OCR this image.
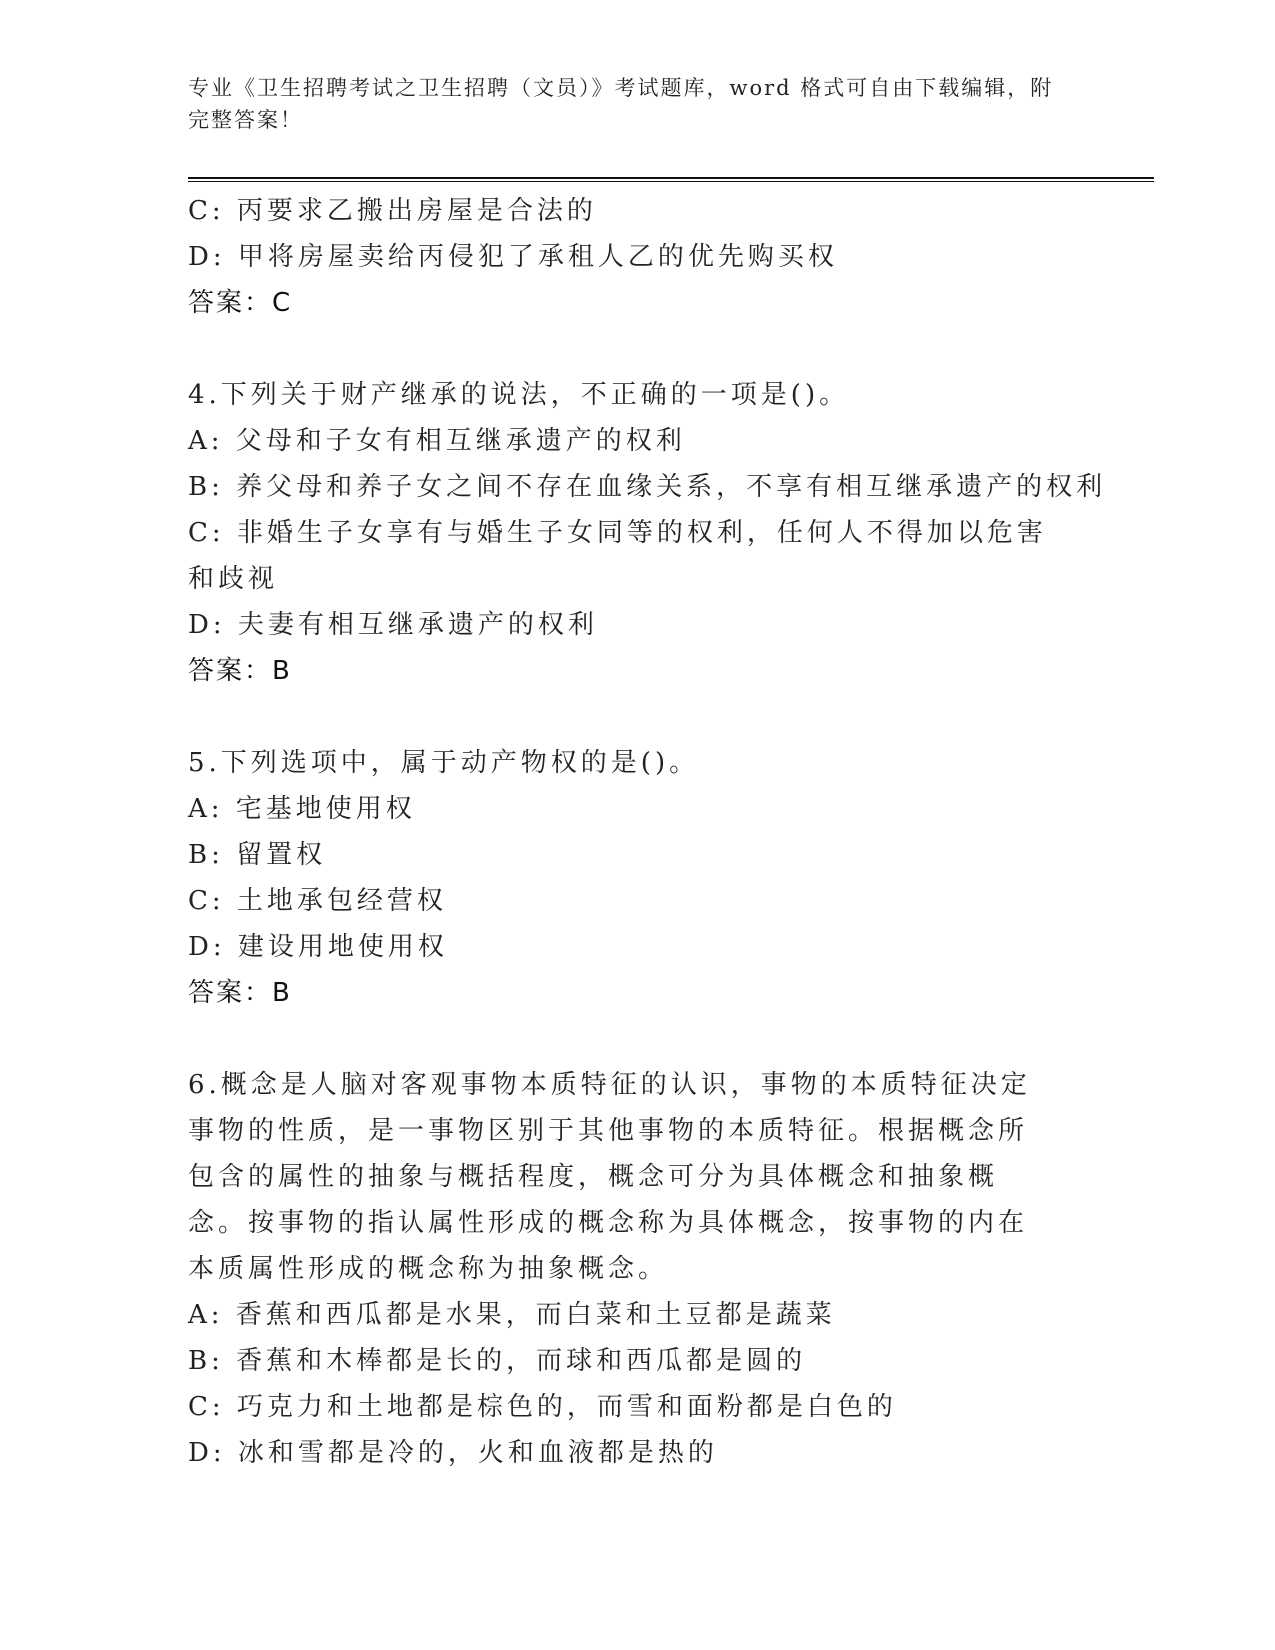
专业《卫生招聘考试之卫生招聘（文员）》考试题库，word 格式可自由下载编辑，附完整答案！
C: 丙要求乙搬出房屋是合法的
D: 甲将房屋卖给丙侵犯了承租人乙的优先购买权
答案：C
4.下列关于财产继承的说法，不正确的一项是()。
A: 父母和子女有相互继承遗产的权利
B: 养父母和养子女之间不存在血缘关系，不享有相互继承遗产的权利
C: 非婚生子女享有与婚生子女同等的权利，任何人不得加以危害和歧视
D: 夫妻有相互继承遗产的权利
答案：B
5.下列选项中，属于动产物权的是()。
A: 宅基地使用权
B: 留置权
C: 土地承包经营权
D: 建设用地使用权
答案：B
6.概念是人脑对客观事物本质特征的认识，事物的本质特征决定事物的性质，是一事物区别于其他事物的本质特征。根据概念所包含的属性的抽象与概括程度，概念可分为具体概念和抽象概念。按事物的指认属性形成的概念称为具体概念，按事物的内在本质属性形成的概念称为抽象概念。
A: 香蕉和西瓜都是水果，而白菜和土豆都是蔬菜
B: 香蕉和木棒都是长的，而球和西瓜都是圆的
C: 巧克力和土地都是棕色的，而雪和面粉都是白色的
D: 冰和雪都是冷的，火和血液都是热的
